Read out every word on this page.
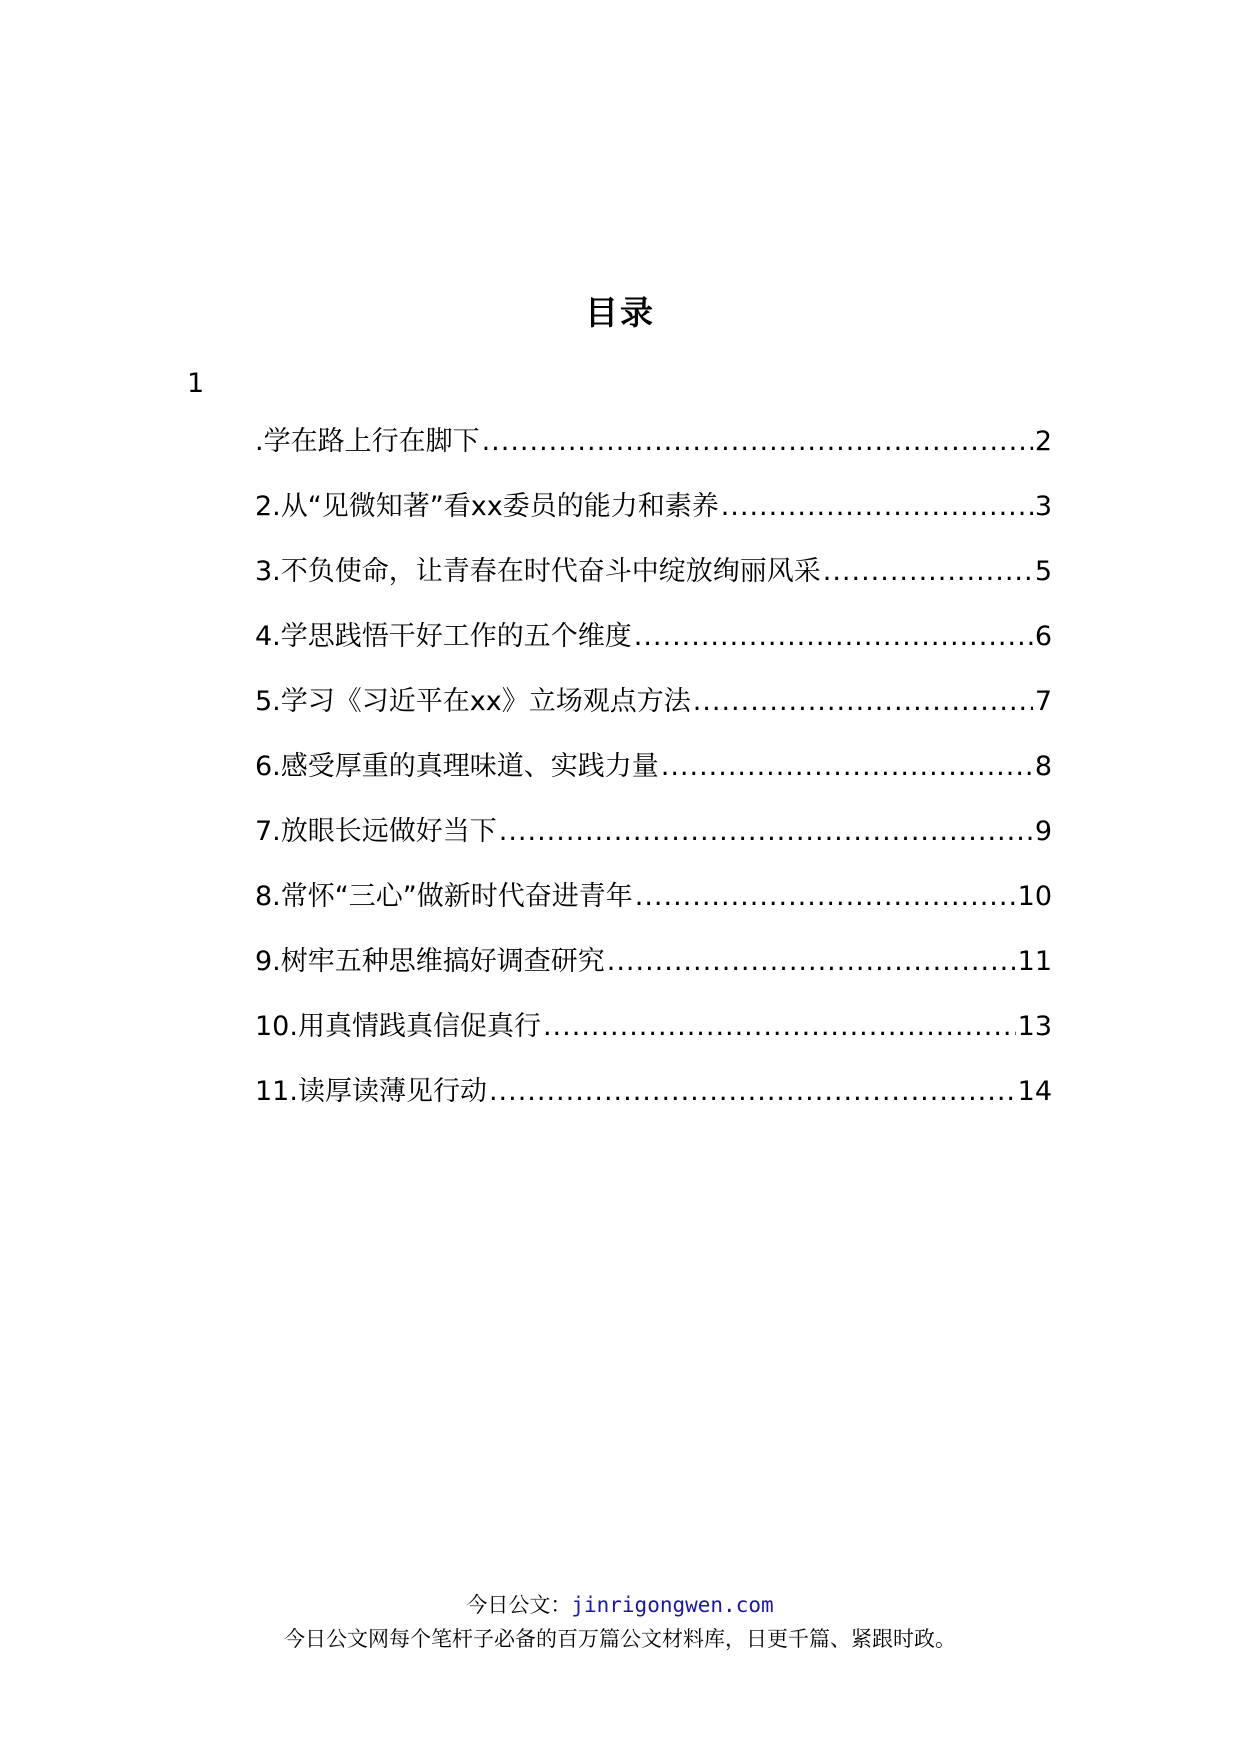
目录
1
.学在路上行在脚下 .....	2
2.从“见微知著”看xx委员的能力和素养 .....	3
3.不负使命，让青春在时代奋斗中绽放绚丽风采 .....	5
4.学思践悟干好工作的五个维度 .....	6
5.学习《习近平在xx》立场观点方法 .....	7
6.感受厚重的真理味道、实践力量 .....	8
7.放眼长远做好当下 .....	9
8.常怀“三心”做新时代奋进青年 .....	10
9.树牢五种思维搞好调查研究 .....	11
10.用真情践真信促真行 .....	13
11.读厚读薄见行动 .....	14
今日公文：jinrigongwen.com
今日公文网每个笔杆子必备的百万篇公文材料库，日更千篇、紧跟时政。
